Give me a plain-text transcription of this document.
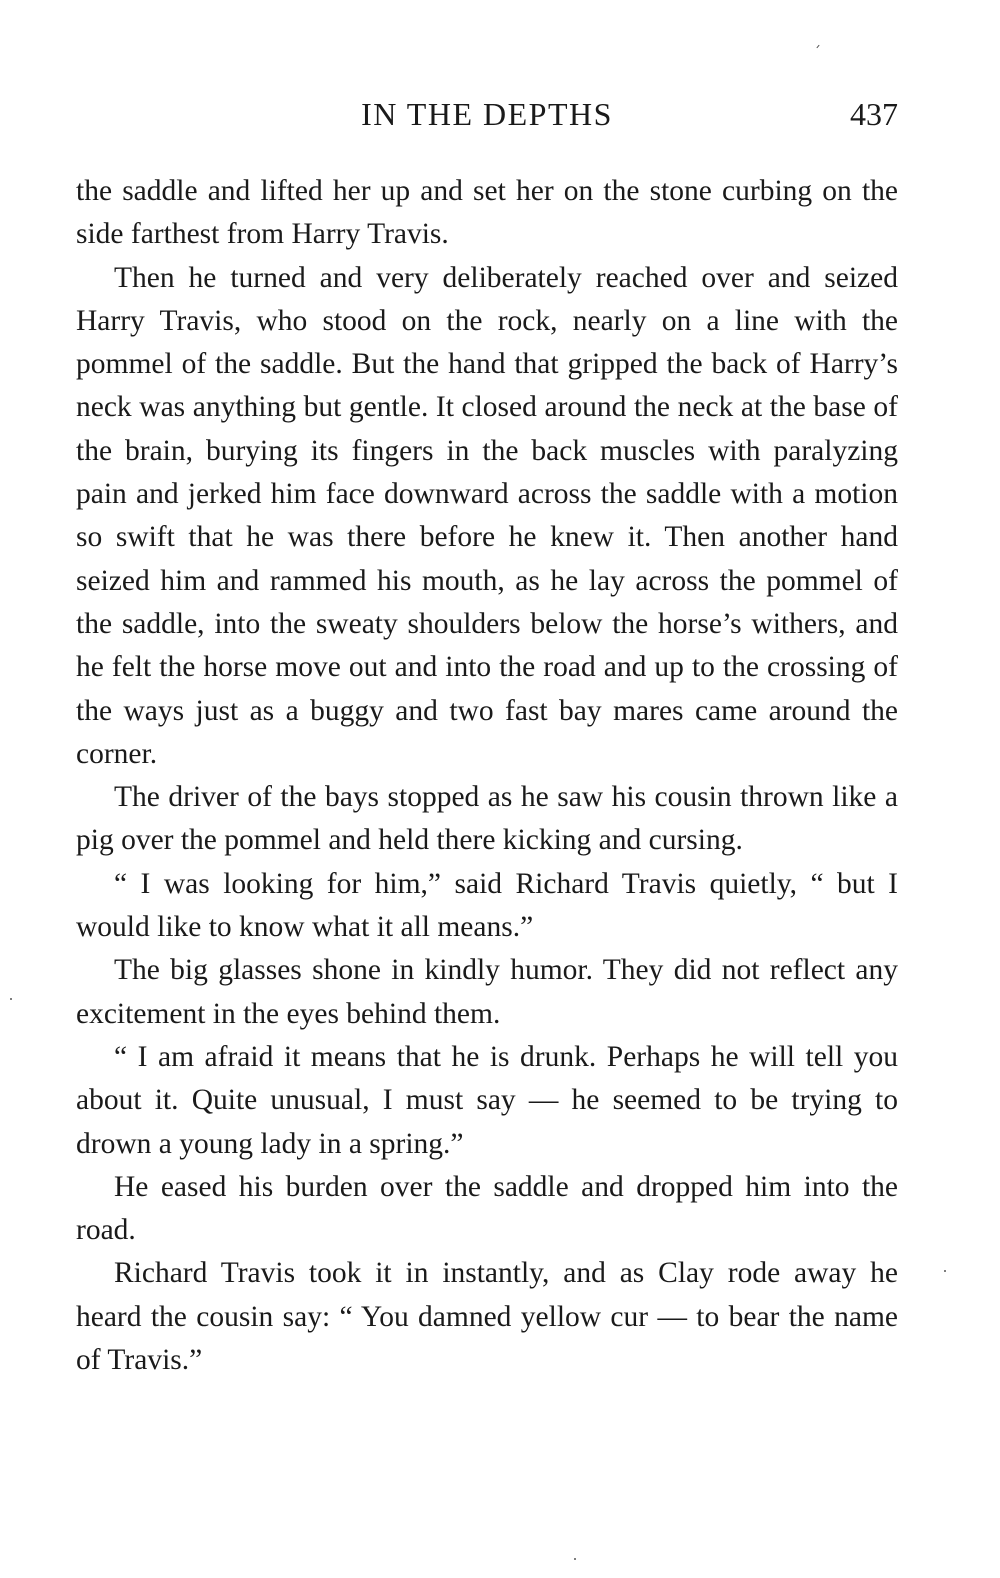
IN THE DEPTHS	437

the saddle and lifted her up and set her on the stone curbing on the side farthest from Harry Travis.

Then he turned and very deliberately reached over and seized Harry Travis, who stood on the rock, nearly on a line with the pommel of the saddle. But the hand that gripped the back of Harry’s neck was anything but gentle. It closed around the neck at the base of the brain, burying its fingers in the back muscles with paralyzing pain and jerked him face downward across the saddle with a motion so swift that he was there before he knew it. Then another hand seized him and rammed his mouth, as he lay across the pommel of the saddle, into the sweaty shoulders below the horse’s withers, and he felt the horse move out and into the road and up to the crossing of the ways just as a buggy and two fast bay mares came around the corner.

The driver of the bays stopped as he saw his cousin thrown like a pig over the pommel and held there kicking and cursing.

“ I was looking for him,” said Richard Travis quietly, “ but I would like to know what it all means.”

The big glasses shone in kindly humor. They did not reflect any excitement in the eyes behind them.

“ I am afraid it means that he is drunk. Perhaps he will tell you about it. Quite unusual, I must say — he seemed to be trying to drown a young lady in a spring.”

He eased his burden over the saddle and dropped him into the road.

Richard Travis took it in instantly, and as Clay rode away he heard the cousin say: “ You damned yellow cur — to bear the name of Travis.”
